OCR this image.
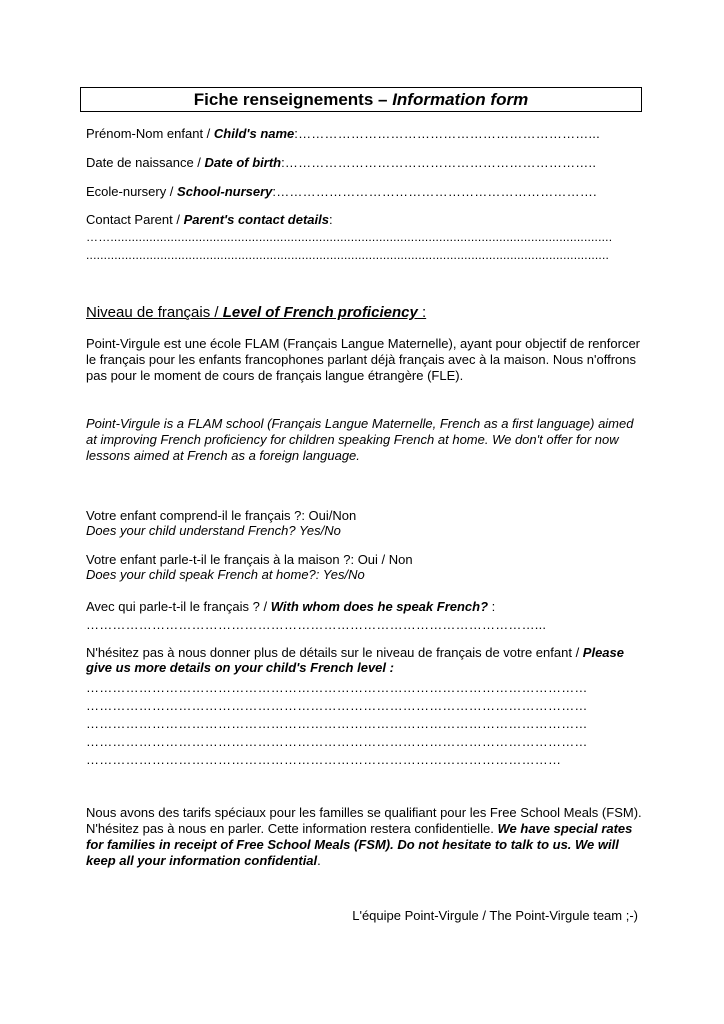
Fiche renseignements – Information form
Prénom-Nom enfant / Child's name:…………………………………………………………...
Date de naissance / Date of birth:……………………………………………………………..
Ecole-nursery / School-nursery:……………………………………………………………….
Contact Parent / Parent's contact details:
……..............................................................................................................................................
....................................................................................................................................................
Niveau de français / Level of French proficiency :
Point-Virgule est une école FLAM (Français Langue Maternelle), ayant pour objectif de renforcer le français pour les enfants francophones parlant déjà français avec à la maison. Nous n'offrons pas pour le moment de cours de français langue étrangère (FLE).
Point-Virgule is a FLAM school (Français Langue Maternelle, French as a first language) aimed at improving French proficiency for children speaking French at home. We don't offer for now lessons aimed at French as a foreign language.
Votre enfant comprend-il le français ?: Oui/Non
Does your child understand French? Yes/No
Votre enfant parle-t-il le français à la maison ?: Oui / Non
Does your child speak French at home?: Yes/No
Avec qui parle-t-il le français ? / With whom does he speak French? :
…………………………………………………………………………………………...
N'hésitez pas à nous donner plus de détails sur le niveau de français de votre enfant / Please give us more details on your child's French level :
……………………………………………………………………………………………………
……………………………………………………………………………………………………
……………………………………………………………………………………………………
……………………………………………………………………………………………………
………………………………………………………………………………………………
Nous avons des tarifs spéciaux pour les familles se qualifiant pour les Free School Meals (FSM). N'hésitez pas à nous en parler. Cette information restera confidentielle. We have special rates for families in receipt of Free School Meals (FSM). Do not hesitate to talk to us. We will keep all your information confidential.
L'équipe Point-Virgule / The Point-Virgule team ;-)
